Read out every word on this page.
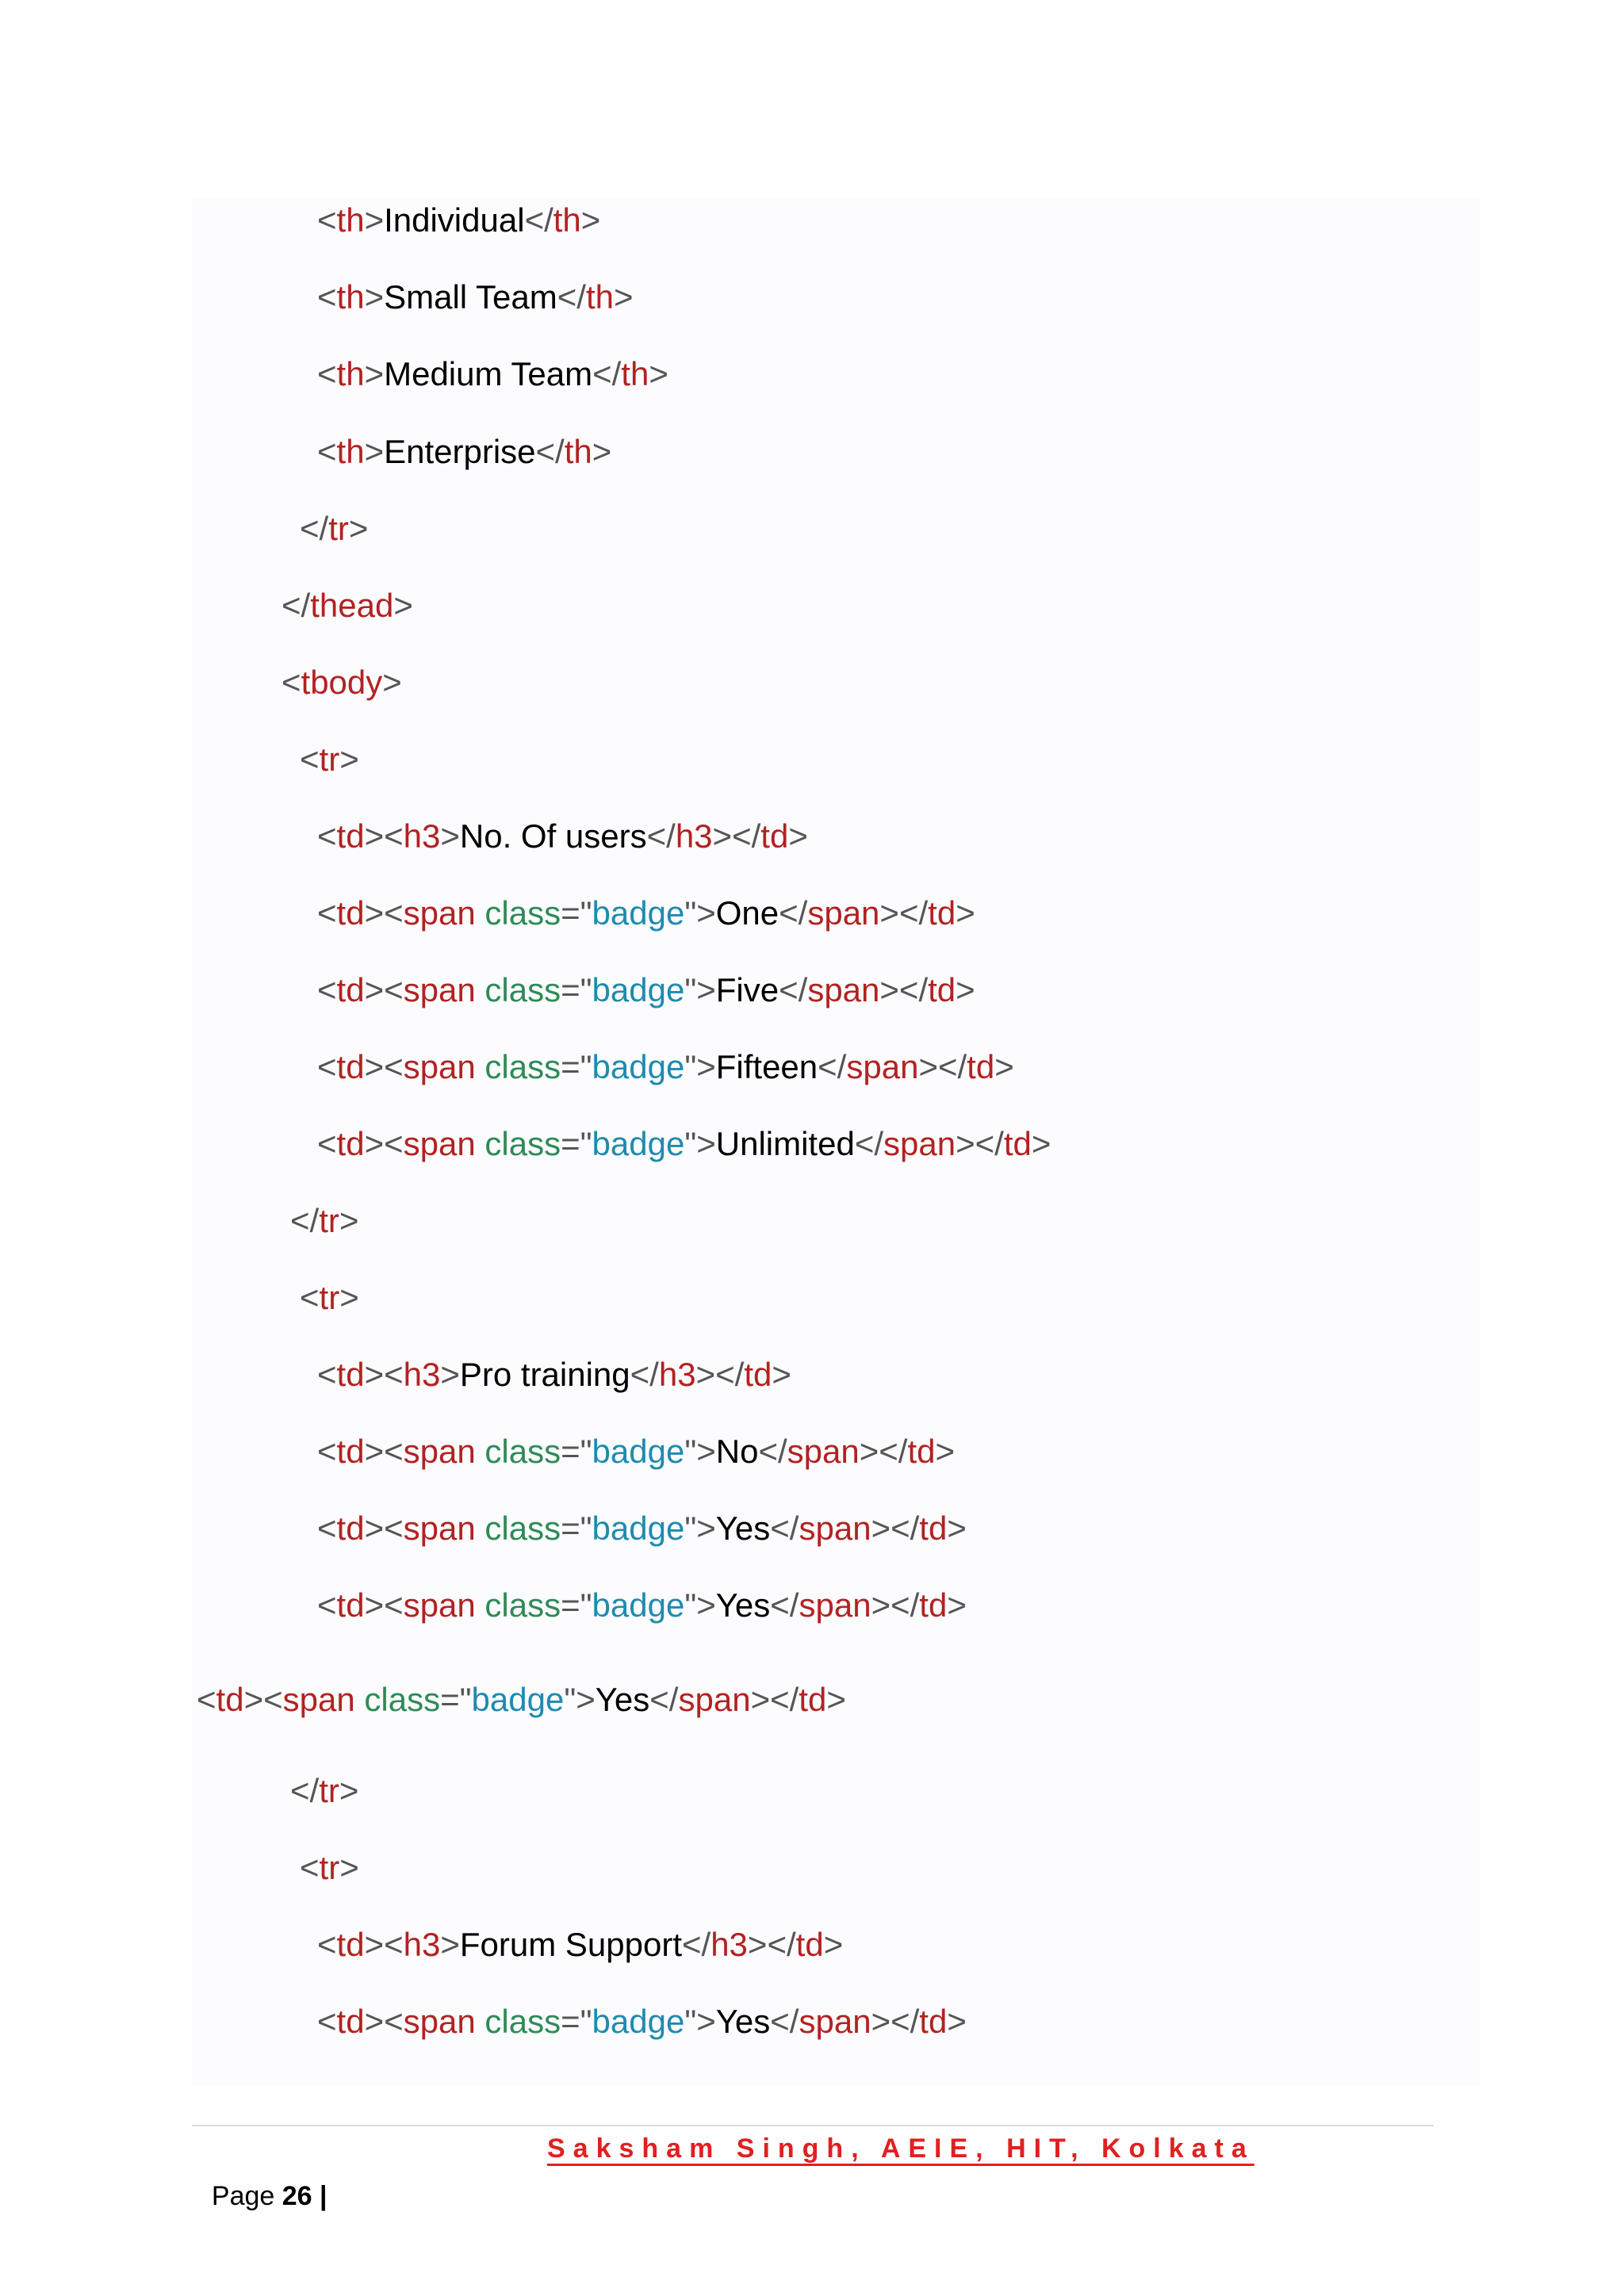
<th>Individual</th>
<th>Small Team</th>
<th>Medium Team</th>
<th>Enterprise</th>
</tr>
</thead>
<tbody>
<tr>
<td><h3>No. Of users</h3></td>
<td><span class="badge">One</span></td>
<td><span class="badge">Five</span></td>
<td><span class="badge">Fifteen</span></td>
<td><span class="badge">Unlimited</span></td>
</tr>
<tr>
<td><h3>Pro training</h3></td>
<td><span class="badge">No</span></td>
<td><span class="badge">Yes</span></td>
<td><span class="badge">Yes</span></td>
<td><span class="badge">Yes</span></td>
</tr>
<tr>
<td><h3>Forum Support</h3></td>
<td><span class="badge">Yes</span></td>

Page 26 |

Saksham Singh, AEIE, HIT, Kolkata
